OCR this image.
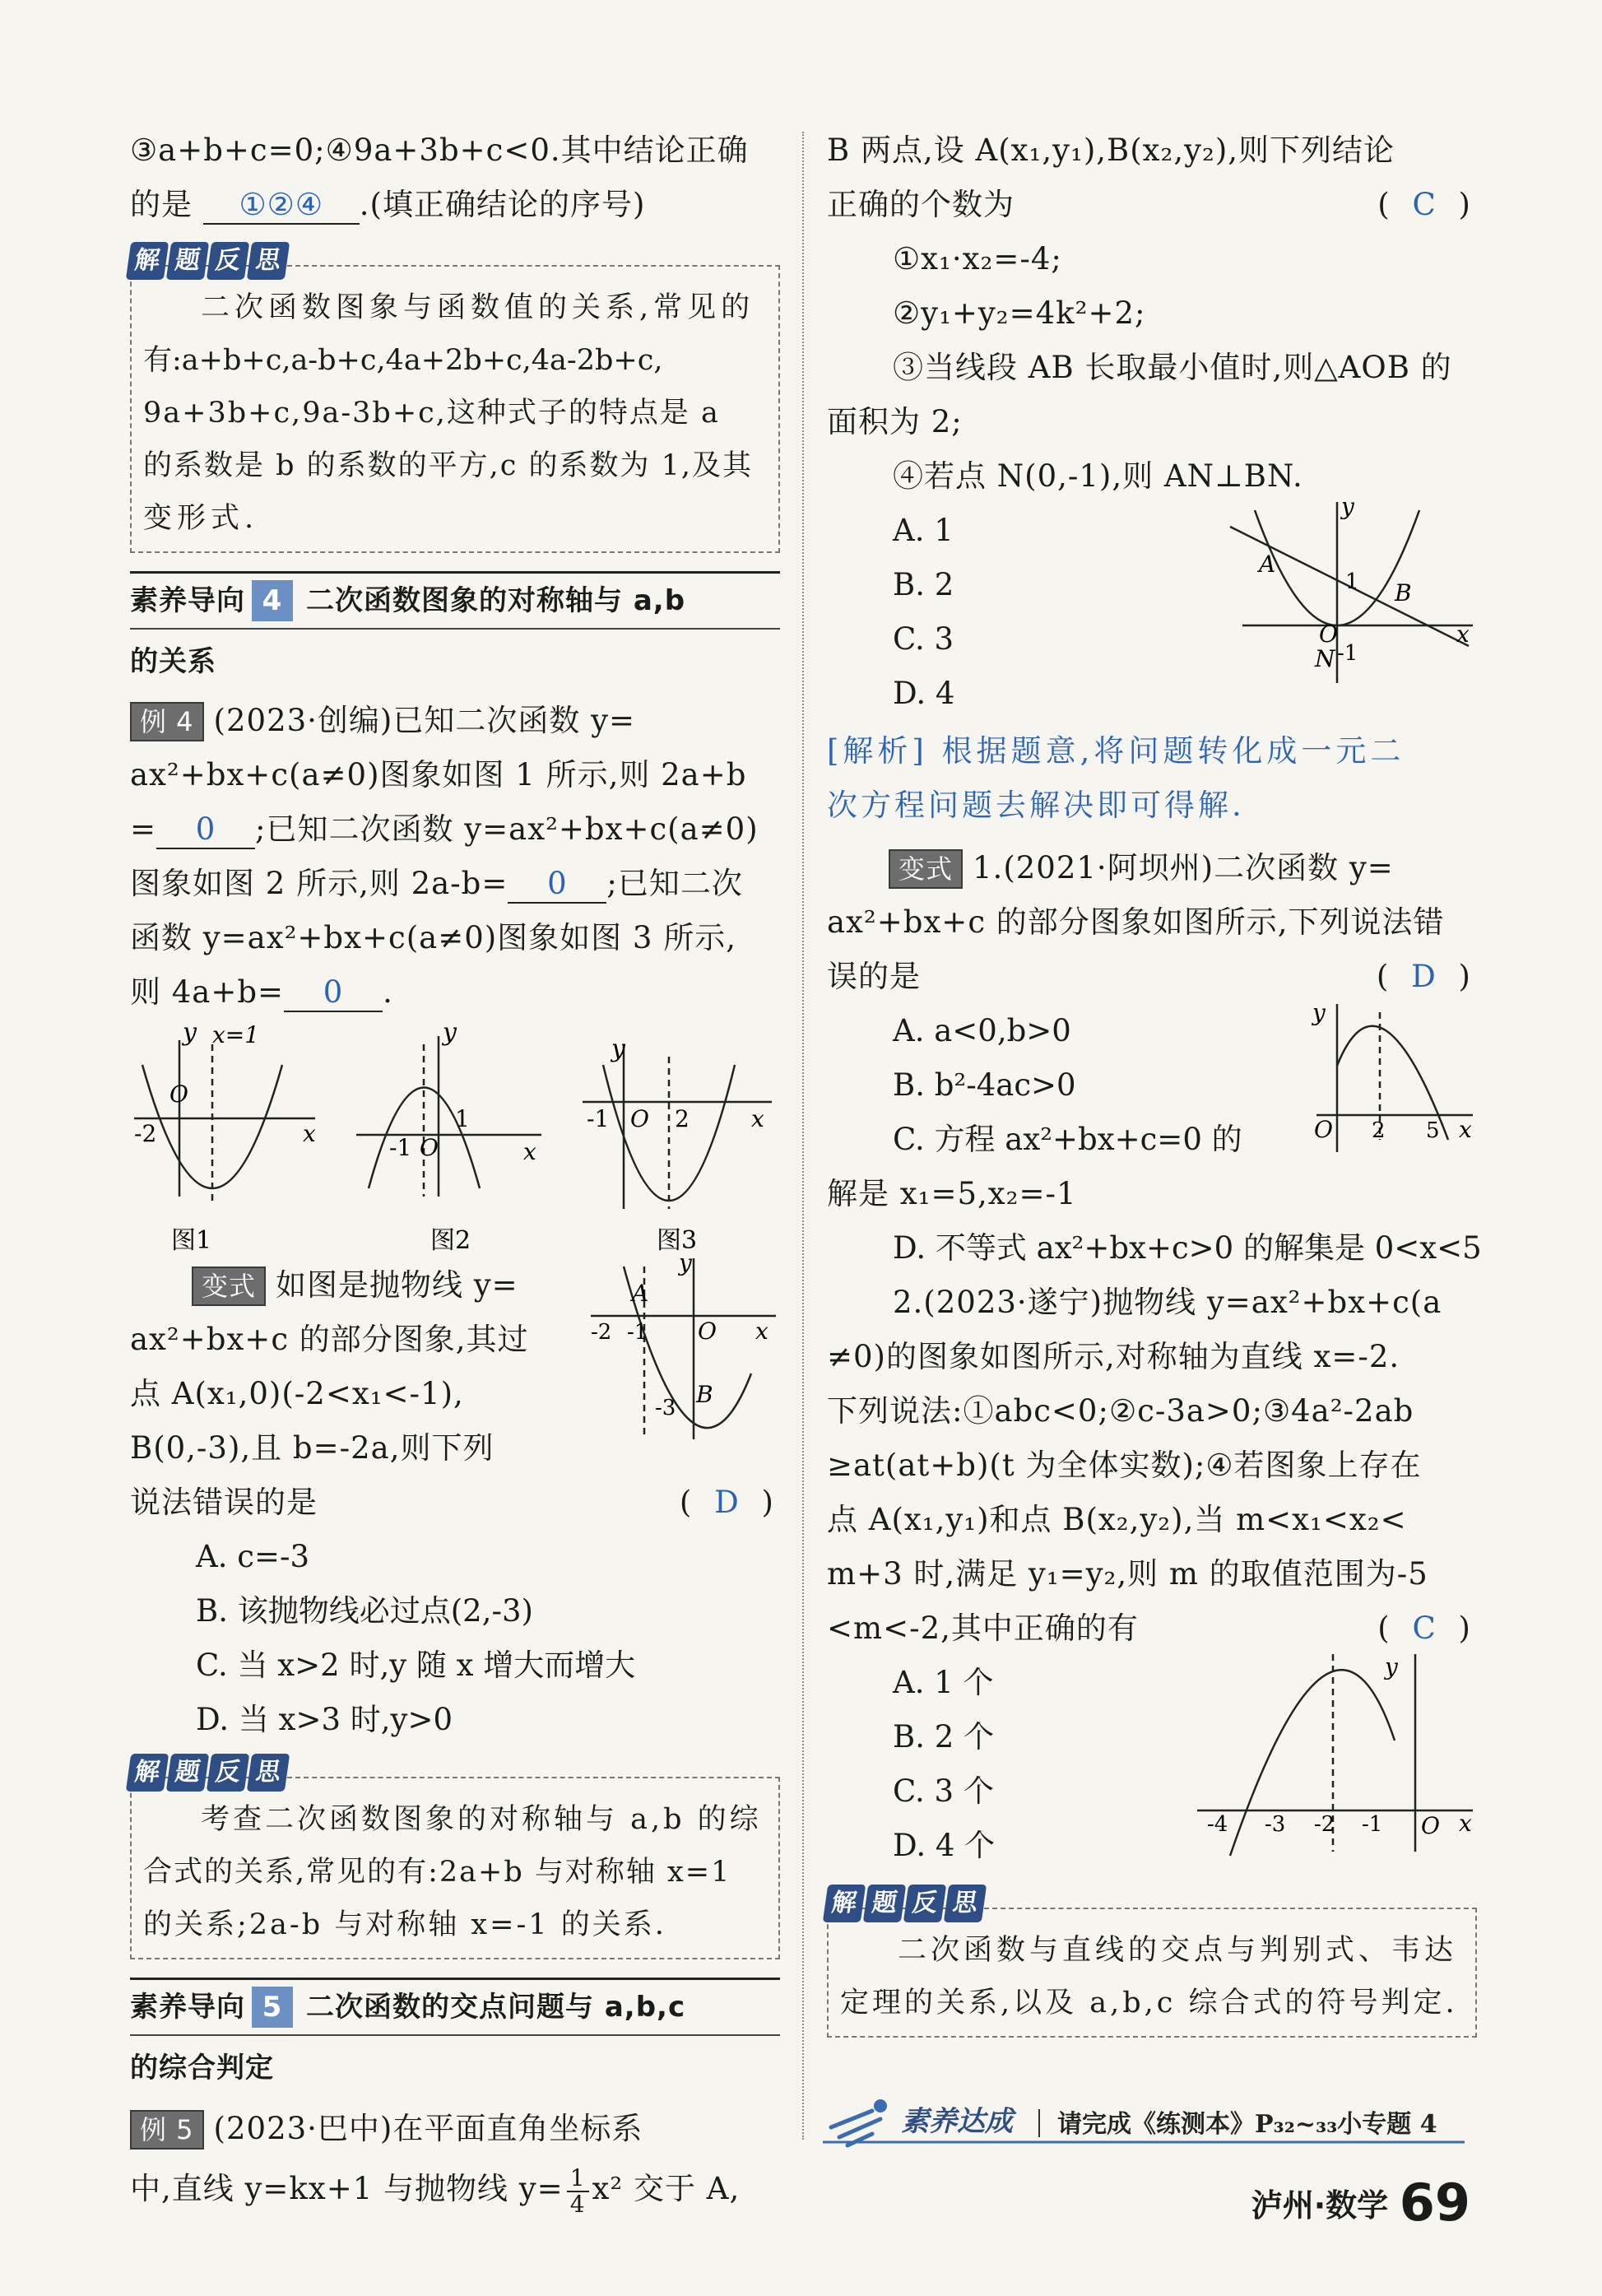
③a+b+c=0;④9a+3b+c<0.其中结论正确
的是 ①②④ .(填正确结论的序号)
解 题 反 思
二次函数图象与函数值的关系,常见的
有:a+b+c,a-b+c,4a+2b+c,4a-2b+c,
9a+3b+c,9a-3b+c,这种式子的特点是 a
的系数是 b 的系数的平方,c 的系数为 1,及其
变形式.
素养导向 4 二次函数图象的对称轴与 a,b
的关系
例 4 (2023·创编)已知二次函数 y=
ax²+bx+c(a≠0)图象如图 1 所示,则 2a+b
= 0 ;已知二次函数 y=ax²+bx+c(a≠0)
图象如图 2 所示,则 2a-b= 0 ;已知二次
函数 y=ax²+bx+c(a≠0)图象如图 3 所示,
则 4a+b= 0 .
y x=1
O
-2	x
图1
y
-1 O
1
x
图2
y
-1 O 2	x
图3
变式 如图是抛物线 y=
ax²+bx+c 的部分图象,其过
点 A(x₁,0)(-2<x₁<-1),
B(0,-3),且 b=-2a,则下列
说法错误的是	( D )
y
A
-2 -1 O x
B
-3
A. c=-3
B. 该抛物线必过点(2,-3)
C. 当 x>2 时,y 随 x 增大而增大
D. 当 x>3 时,y>0
解 题 反 思
考查二次函数图象的对称轴与 a,b 的综
合式的关系,常见的有:2a+b 与对称轴 x=1
的关系;2a-b 与对称轴 x=-1 的关系.
素养导向 5 二次函数的交点问题与 a,b,c
的综合判定
例 5 (2023·巴中)在平面直角坐标系
中,直线 y=kx+1 与抛物线 $y= \frac{1}{4} x^2$ 交于 A,
B 两点,设 A(x₁,y₁),B(x₂,y₂),则下列结论
正确的个数为	( C )
①x₁·x₂=-4;
②y₁+y₂=4k²+2;
③当线段 AB 长取最小值时,则△AOB 的
面积为 2;
④若点 N(0,-1),则 AN⊥BN.
A. 1
B. 2
C. 3
D. 4
y
A
1 B
O	x
N -1
[解析] 根据题意,将问题转化成一元二
次方程问题去解决即可得解.
变式 1.(2021·阿坝州)二次函数 y=
ax²+bx+c 的部分图象如图所示,下列说法错
误的是	( D )
A. a<0,b>0
B. b²-4ac>0
C. 方程 ax²+bx+c=0 的
y
O 2 5 x
解是 x₁=5,x₂=-1
D. 不等式 ax²+bx+c>0 的解集是 0<x<5
2.(2023·遂宁)抛物线 y=ax²+bx+c(a
≠0)的图象如图所示,对称轴为直线 x=-2.
下列说法:①abc<0;②c-3a>0;③4a²-2ab
≥at(at+b)(t 为全体实数);④若图象上存在
点 A(x₁,y₁)和点 B(x₂,y₂),当 m<x₁<x₂<
m+3 时,满足 y₁=y₂,则 m 的取值范围为-5
<m<-2,其中正确的有	( C )
A. 1 个
B. 2 个
C. 3 个
D. 4 个
y
-4 -3 -2 -1 O x
解 题 反 思
二次函数与直线的交点与判别式、韦达
定理的关系,以及 a,b,c 综合式的符号判定.
素养达成 请完成《练测本》P₃₂~₃₃小专题 4
泸州·数学 69
